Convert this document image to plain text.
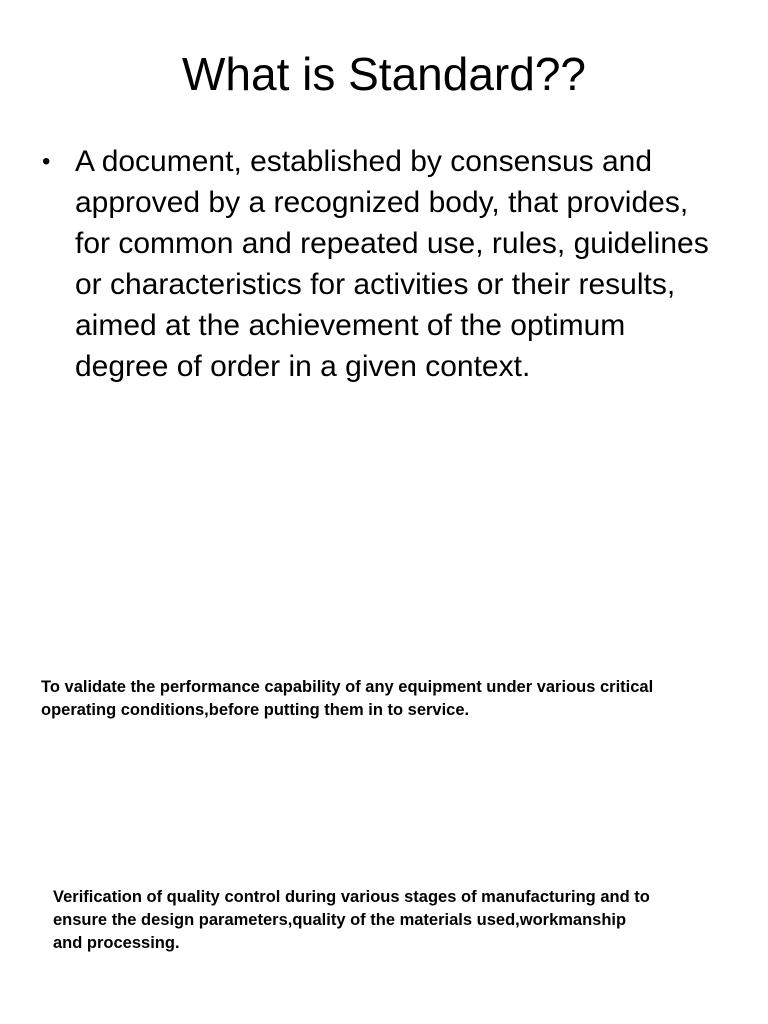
What is Standard??
• A document, established by consensus and approved by a recognized body, that provides, for common and repeated use, rules, guidelines or characteristics for activities or their results, aimed at the achievement of the optimum degree of order in a given context.

To validate the performance capability of any equipment under various critical operating conditions,before putting them in to service.

Verification of quality control during various stages of manufacturing and to ensure the design parameters,quality of the materials used,workmanship and processing.
